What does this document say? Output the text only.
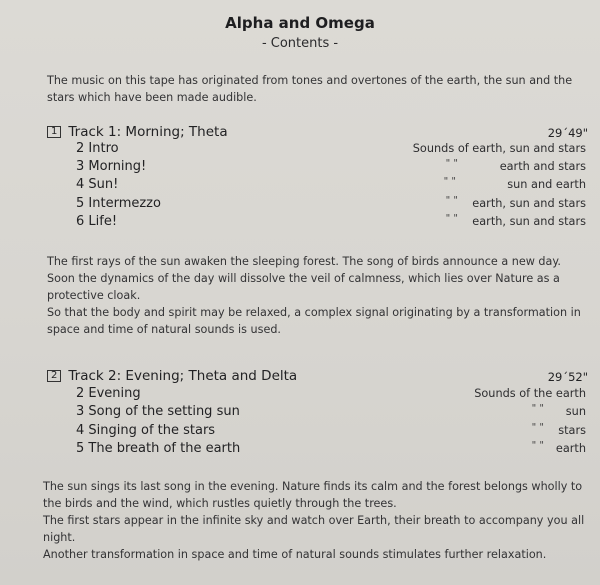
Alpha and Omega
- Contents -
The music on this tape has originated from tones and overtones of the earth, the sun and the stars which have been made audible.
1 Track 1: Morning; Theta	29´49"
2 Intro	Sounds of earth, sun and stars
3 Morning!	" "	earth and stars
4 Sun!	" "	sun and earth
5 Intermezzo	" " earth, sun and stars
6 Life!	" " earth, sun and stars
The first rays of the sun awaken the sleeping forest. The song of birds announce a new day. Soon the dynamics of the day will dissolve the veil of calmness, which lies over Nature as a protective cloak.
So that the body and spirit may be relaxed, a complex signal originating by a transformation in space and time of natural sounds is used.
2 Track 2: Evening; Theta and Delta	29´52"
2 Evening	Sounds of the earth
3 Song of the setting sun	" " sun
4 Singing of the stars	" " stars
5 The breath of the earth	" " earth
The sun sings its last song in the evening. Nature finds its calm and the forest belongs wholly to the birds and the wind, which rustles quietly through the trees.
The first stars appear in the infinite sky and watch over Earth, their breath to accompany you all night.
Another transformation in space and time of natural sounds stimulates further relaxation.
